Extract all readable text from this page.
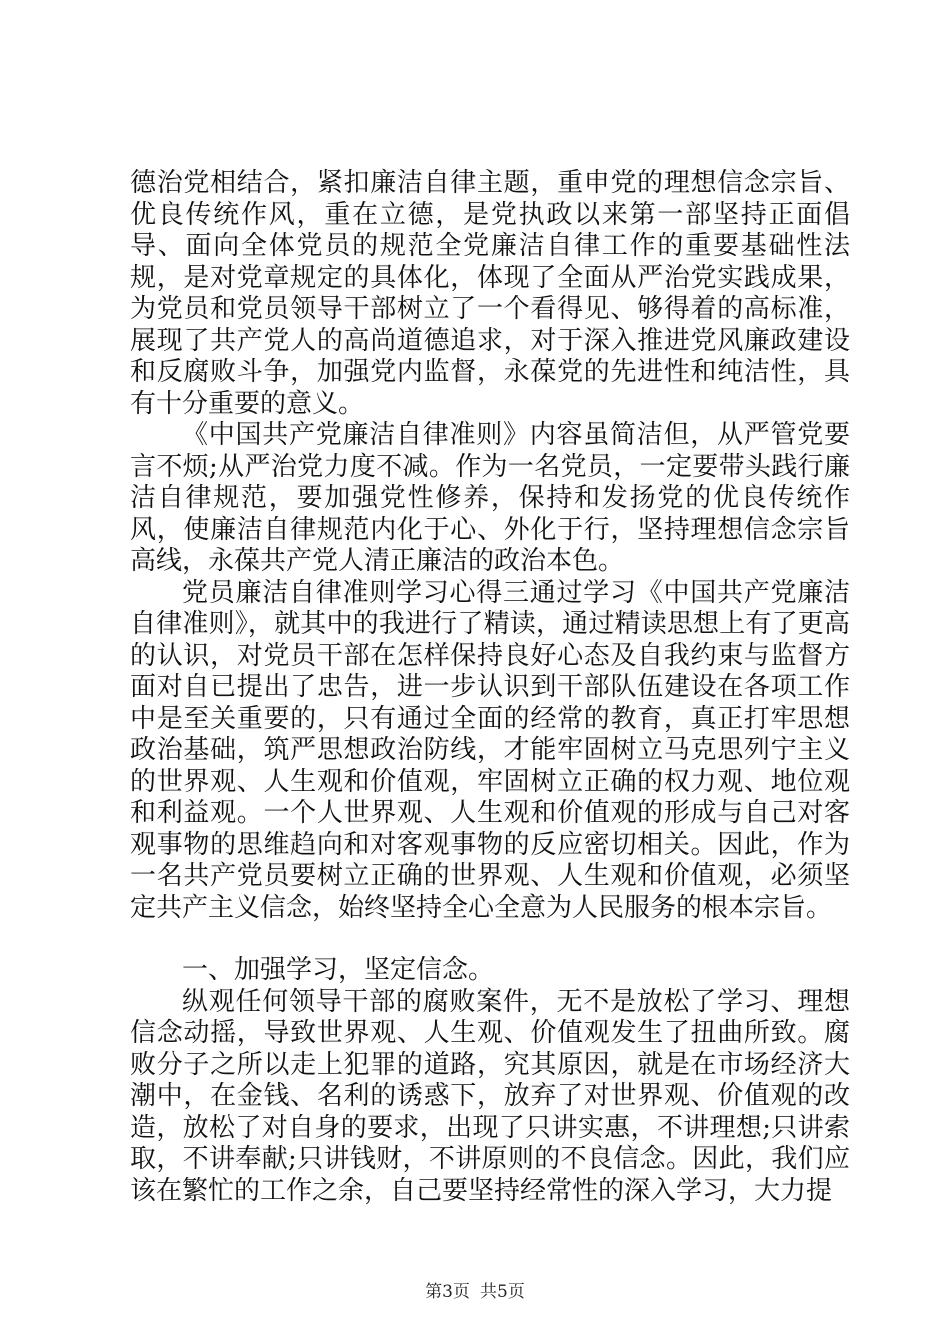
德治党相结合，紧扣廉洁自律主题，重申党的理想信念宗旨、优良传统作风，重在立德，是党执政以来第一部坚持正面倡导、面向全体党员的规范全党廉洁自律工作的重要基础性法规，是对党章规定的具体化，体现了全面从严治党实践成果，为党员和党员领导干部树立了一个看得见、够得着的高标准，展现了共产党人的高尚道德追求，对于深入推进党风廉政建设和反腐败斗争，加强党内监督，永葆党的先进性和纯洁性，具有十分重要的意义。

《中国共产党廉洁自律准则》内容虽简洁但，从严管党要言不烦;从严治党力度不减。作为一名党员，一定要带头践行廉洁自律规范，要加强党性修养，保持和发扬党的优良传统作风，使廉洁自律规范内化于心、外化于行，坚持理想信念宗旨高线，永葆共产党人清正廉洁的政治本色。

党员廉洁自律准则学习心得三通过学习《中国共产党廉洁自律准则》，就其中的我进行了精读，通过精读思想上有了更高的认识，对党员干部在怎样保持良好心态及自我约束与监督方面对自已提出了忠告，进一步认识到干部队伍建设在各项工作中是至关重要的，只有通过全面的经常的教育，真正打牢思想政治基础，筑严思想政治防线，才能牢固树立马克思列宁主义的世界观、人生观和价值观，牢固树立正确的权力观、地位观和利益观。一个人世界观、人生观和价值观的形成与自己对客观事物的思维趋向和对客观事物的反应密切相关。因此，作为一名共产党员要树立正确的世界观、人生观和价值观，必须坚定共产主义信念，始终坚持全心全意为人民服务的根本宗旨。

一、加强学习，坚定信念。

纵观任何领导干部的腐败案件，无不是放松了学习、理想信念动摇，导致世界观、人生观、价值观发生了扭曲所致。腐败分子之所以走上犯罪的道路，究其原因，就是在市场经济大潮中，在金钱、名利的诱惑下，放弃了对世界观、价值观的改造，放松了对自身的要求，出现了只讲实惠，不讲理想;只讲索取，不讲奉献;只讲钱财，不讲原则的不良信念。因此，我们应该在繁忙的工作之余，自己要坚持经常性的深入学习，大力提

第3页 共5页
